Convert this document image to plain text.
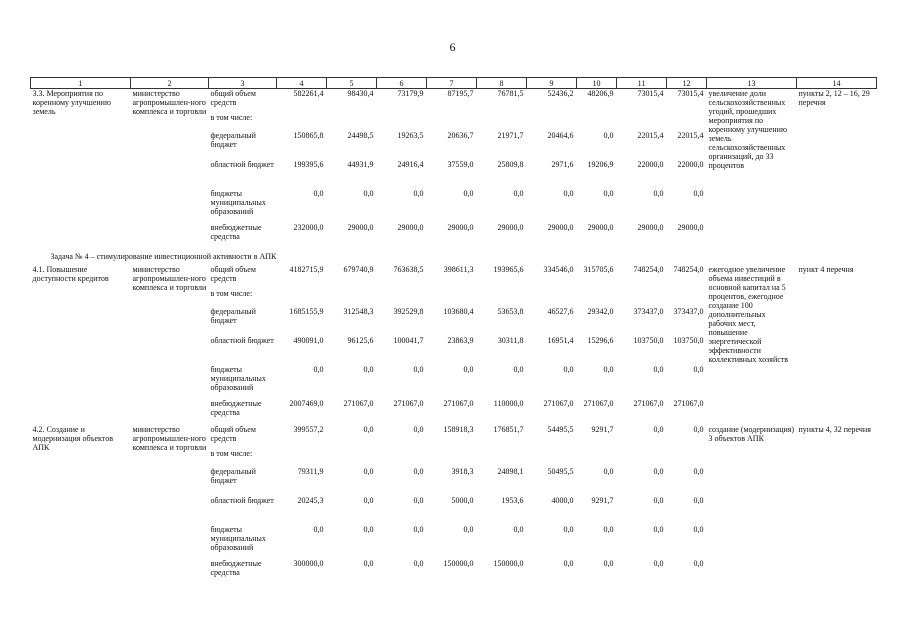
6
1	2	3	4	5	6	7	8	9	10	11	12	13	14
3.3. Мероприятия по коренному улучшению земель	министерство агропромышлен-ного комплекса и торговли	общий объем средств	582261,4	98430,4	73179,9	87195,7	76781,5	52436,2	48206,9	73015,4	73015,4	увеличение доли сельскохозяйственных угодий, прошедших мероприятия по коренному улучшению земель сельскохозяйственных организаций, до 33 процентов	пункты 2, 12 – 16, 29 перечня
		в том числе:											
		федеральный бюджет	150865,8	24498,5	19263,5	20636,7	21971,7	20464,6	0,0	22015,4	22015,4		
		областной бюджет	199395,6	44931,9	24916,4	37559,0	25809,8	2971,6	19206,9	22000,0	22000,0		
		бюджеты муниципальных образований	0,0	0,0	0,0	0,0	0,0	0,0	0,0	0,0	0,0		
		внебюджетные средства	232000,0	29000,0	29000,0	29000,0	29000,0	29000,0	29000,0	29000,0	29000,0		
Задача № 4 – стимулирование инвестиционной активности в АПК													
4.1. Повышение доступности кредитов	министерство агропромышлен-ного комплекса и торговли	общий объем средств	4182715,9	679740,9	763638,5	398611,3	193965,6	334546,0	315705,6	748254,0	748254,0	ежегодное увеличение объема инвестиций в основной капитал на 5 процентов, ежегодное создание 100 дополнительных рабочих мест, повышение энергетической эффективности коллективных хозяйств	пункт 4 перечня
		в том числе:											
		федеральный бюджет	1685155,9	312548,3	392529,8	103680,4	53653,8	46527,6	29342,0	373437,0	373437,0		
		областной бюджет	490091,0	96125,6	100041,7	23863,9	30311,8	16951,4	15296,6	103750,0	103750,0		
		бюджеты муниципальных образований	0,0	0,0	0,0	0,0	0,0	0,0	0,0	0,0	0,0		
		внебюджетные средства	2007469,0	271067,0	271067,0	271067,0	110000,0	271067,0	271067,0	271067,0	271067,0		
4.2. Создание и модернизация объектов АПК	министерство агропромышлен-ного комплекса и торговли	общий объем средств	399557,2	0,0	0,0	158918,3	176851,7	54495,5	9291,7	0,0	0,0	создание (модернизация) 3 объектов АПК	пункты 4, 32 перечня
		в том числе:											
		федеральный бюджет	79311,9	0,0	0,0	3918,3	24898,1	50495,5	0,0	0,0	0,0		
		областной бюджет	20245,3	0,0	0,0	5000,0	1953,6	4000,0	9291,7	0,0	0,0		
		бюджеты муниципальных образований	0,0	0,0	0,0	0,0	0,0	0,0	0,0	0,0	0,0		
		внебюджетные средства	300000,0	0,0	0,0	150000,0	150000,0	0,0	0,0	0,0	0,0		
